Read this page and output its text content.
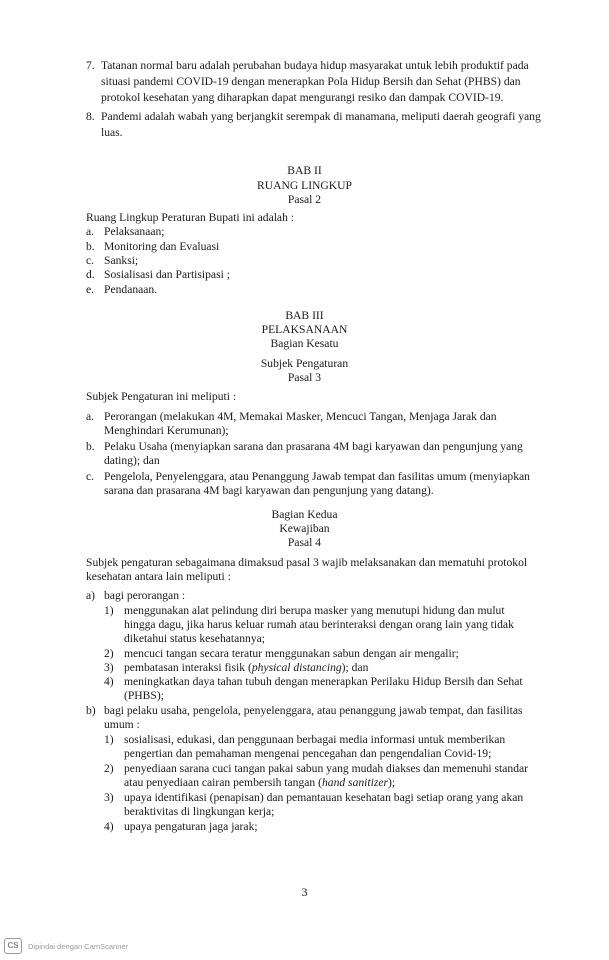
7. Tatanan normal baru adalah perubahan budaya hidup masyarakat untuk lebih produktif pada
situasi pandemi COVID-19 dengan menerapkan Pola Hidup Bersih dan Sehat (PHBS) dan
protokol kesehatan yang diharapkan dapat mengurangi resiko dan dampak COVID-19.
8. Pandemi adalah wabah yang berjangkit serempak di manamana, meliputi daerah geografi yang
luas.
BAB II
RUANG LINGKUP
Pasal 2
Ruang Lingkup Peraturan Bupati ini adalah :
a. Pelaksanaan;
b. Monitoring dan Evaluasi
c. Sanksi;
d. Sosialisasi dan Partisipasi ;
e. Pendanaan.
BAB III
PELAKSANAAN
Bagian Kesatu
Subjek Pengaturan
Pasal 3
Subjek Pengaturan ini meliputi :
a. Perorangan (melakukan 4M, Memakai Masker, Mencuci Tangan, Menjaga Jarak dan
Menghindari Kerumunan);
b. Pelaku Usaha (menyiapkan sarana dan prasarana 4M bagi karyawan dan pengunjung yang
dating); dan
c. Pengelola, Penyelenggara, atau Penanggung Jawab tempat dan fasilitas umum (menyiapkan
sarana dan prasarana 4M bagi karyawan dan pengunjung yang datang).
Bagian Kedua
Kewajiban
Pasal 4
Subjek pengaturan sebagaimana dimaksud pasal 3 wajib melaksanakan dan mematuhi protokol
kesehatan antara lain meliputi :
a) bagi perorangan :
1) menggunakan alat pelindung diri berupa masker yang menutupi hidung dan mulut
hingga dagu, jika harus keluar rumah atau berinteraksi dengan orang lain yang tidak
diketahui status kesehatannya;
2) mencuci tangan secara teratur menggunakan sabun dengan air mengalir;
3) pembatasan interaksi fisik (physical distancing); dan
4) meningkatkan daya tahan tubuh dengan menerapkan Perilaku Hidup Bersih dan Sehat
(PHBS);
b) bagi pelaku usaha, pengelola, penyelenggara, atau penanggung jawab tempat, dan fasilitas
umum :
1) sosialisasi, edukasi, dan penggunaan berbagai media informasi untuk memberikan
pengertian dan pemahaman mengenai pencegahan dan pengendalian Covid-19;
2) penyediaan sarana cuci tangan pakai sabun yang mudah diakses dan memenuhi standar
atau penyediaan cairan pembersih tangan (hand sanitizer);
3) upaya identifikasi (penapisan) dan pemantauan kesehatan bagi setiap orang yang akan
beraktivitas di lingkungan kerja;
4) upaya pengaturan jaga jarak;
3
CS	Dipindai dengan CamScanner
